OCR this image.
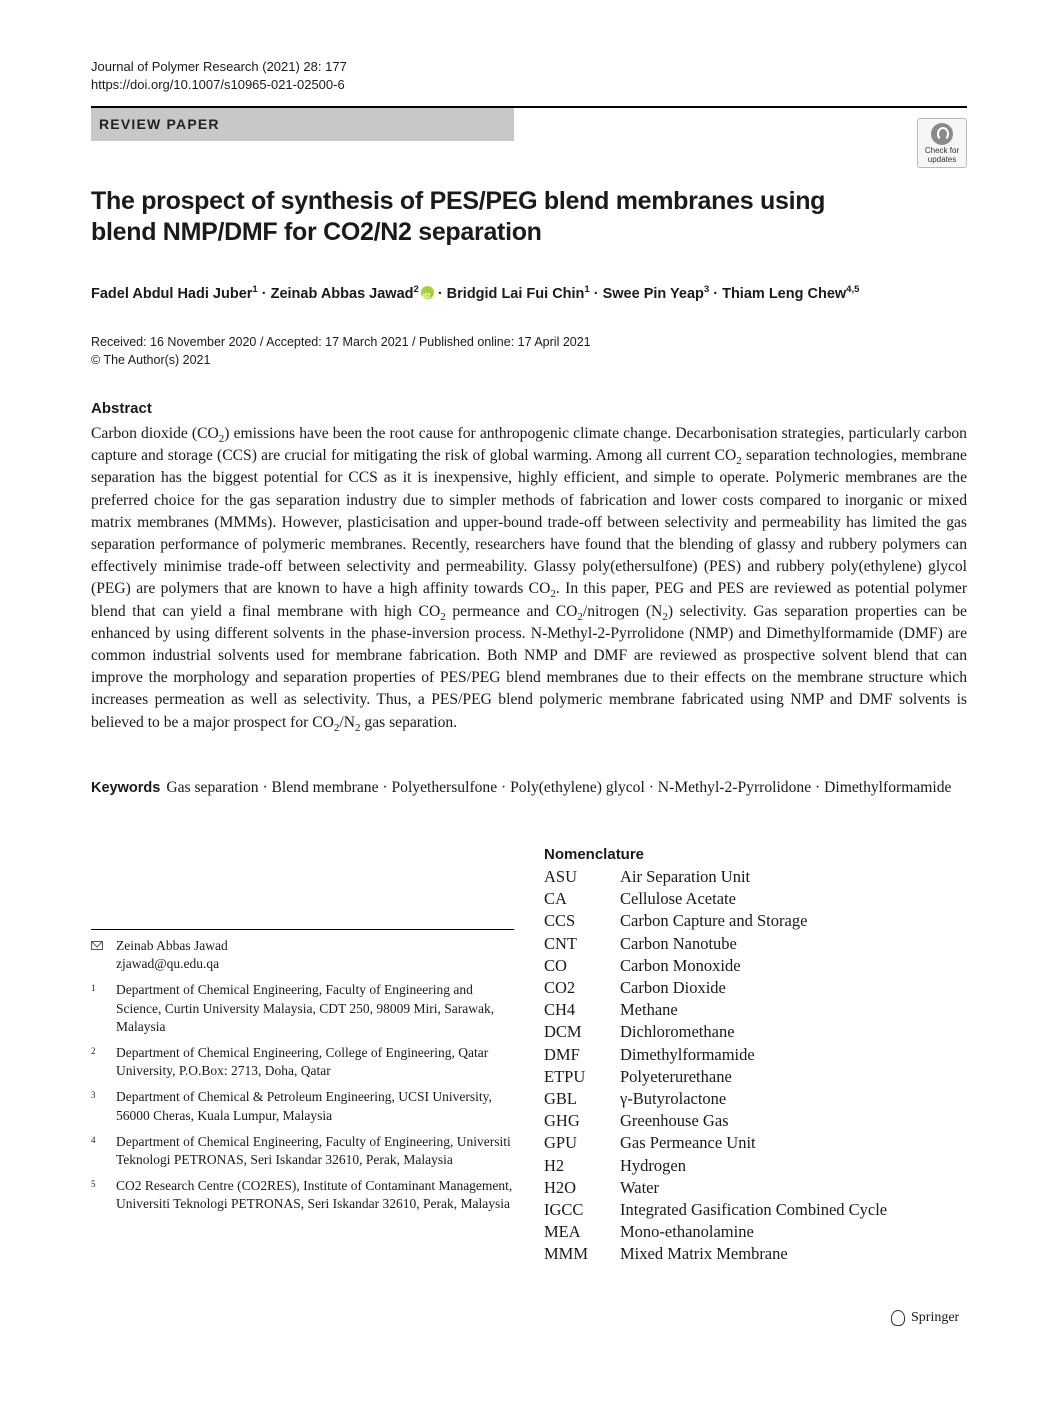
Journal of Polymer Research (2021) 28: 177
https://doi.org/10.1007/s10965-021-02500-6
REVIEW PAPER
Check for updates
The prospect of synthesis of PES/PEG blend membranes using blend NMP/DMF for CO2/N2 separation
Fadel Abdul Hadi Juber$^1$ · Zeinab Abbas Jawad$^2$iD · Bridgid Lai Fui Chin$^1$ · Swee Pin Yeap$^3$ · Thiam Leng Chew$^{4,5}$
Received: 16 November 2020 / Accepted: 17 March 2021 / Published online: 17 April 2021
© The Author(s) 2021
Abstract
Carbon dioxide $(CO_2)$ emissions have been the root cause for anthropogenic climate change. Decarbonisation strategies, particularly carbon capture and storage (CCS) are crucial for mitigating the risk of global warming. Among all current $CO_2$ separation technologies, membrane separation has the biggest potential for CCS as it is inexpensive, highly efficient, and simple to operate. Polymeric membranes are the preferred choice for the gas separation industry due to simpler methods of fabrication and lower costs compared to inorganic or mixed matrix membranes (MMMs). However, plasticisation and upper-bound trade-off between selectivity and permeability has limited the gas separation performance of polymeric membranes. Recently, researchers have found that the blending of glassy and rubbery polymers can effectively minimise trade-off between selectivity and permeability. Glassy poly(ethersulfone) (PES) and rubbery poly(ethylene) glycol (PEG) are polymers that are known to have a high affinity towards $CO_2$. In this paper, PEG and PES are reviewed as potential polymer blend that can yield a final membrane with high $CO_2$ permeance and $CO_2$/nitrogen $(N_2)$ selectivity. Gas separation properties can be enhanced by using different solvents in the phase-inversion process. N-Methyl-2-Pyrrolidone (NMP) and Dimethylformamide (DMF) are common industrial solvents used for membrane fabrication. Both NMP and DMF are reviewed as prospective solvent blend that can improve the morphology and separation properties of PES/PEG blend membranes due to their effects on the membrane structure which increases permeation as well as selectivity. Thus, a PES/PEG blend polymeric membrane fabricated using NMP and DMF solvents is believed to be a major prospect for $CO_2/N_2$ gas separation.
Keywords Gas separation · Blend membrane · Polyethersulfone · Poly(ethylene) glycol · N-Methyl-2-Pyrrolidone · Dimethylformamide
Nomenclature
ASU	Air Separation Unit
CA	Cellulose Acetate
CCS	Carbon Capture and Storage
CNT	Carbon Nanotube
CO	Carbon Monoxide
CO2	Carbon Dioxide
CH4	Methane
DCM	Dichloromethane
DMF	Dimethylformamide
ETPU	Polyeterurethane
GBL	γ-Butyrolactone
GHG	Greenhouse Gas
GPU	Gas Permeance Unit
H2	Hydrogen
H2O	Water
IGCC	Integrated Gasification Combined Cycle
MEA	Mono-ethanolamine
MMM	Mixed Matrix Membrane
Zeinab Abbas Jawad
zjawad@qu.edu.qa
1	Department of Chemical Engineering, Faculty of Engineering and Science, Curtin University Malaysia, CDT 250, 98009 Miri, Sarawak, Malaysia
2	Department of Chemical Engineering, College of Engineering, Qatar University, P.O.Box: 2713, Doha, Qatar
3	Department of Chemical & Petroleum Engineering, UCSI University, 56000 Cheras, Kuala Lumpur, Malaysia
4	Department of Chemical Engineering, Faculty of Engineering, Universiti Teknologi PETRONAS, Seri Iskandar 32610, Perak, Malaysia
5	CO2 Research Centre (CO2RES), Institute of Contaminant Management, Universiti Teknologi PETRONAS, Seri Iskandar 32610, Perak, Malaysia
Springer
